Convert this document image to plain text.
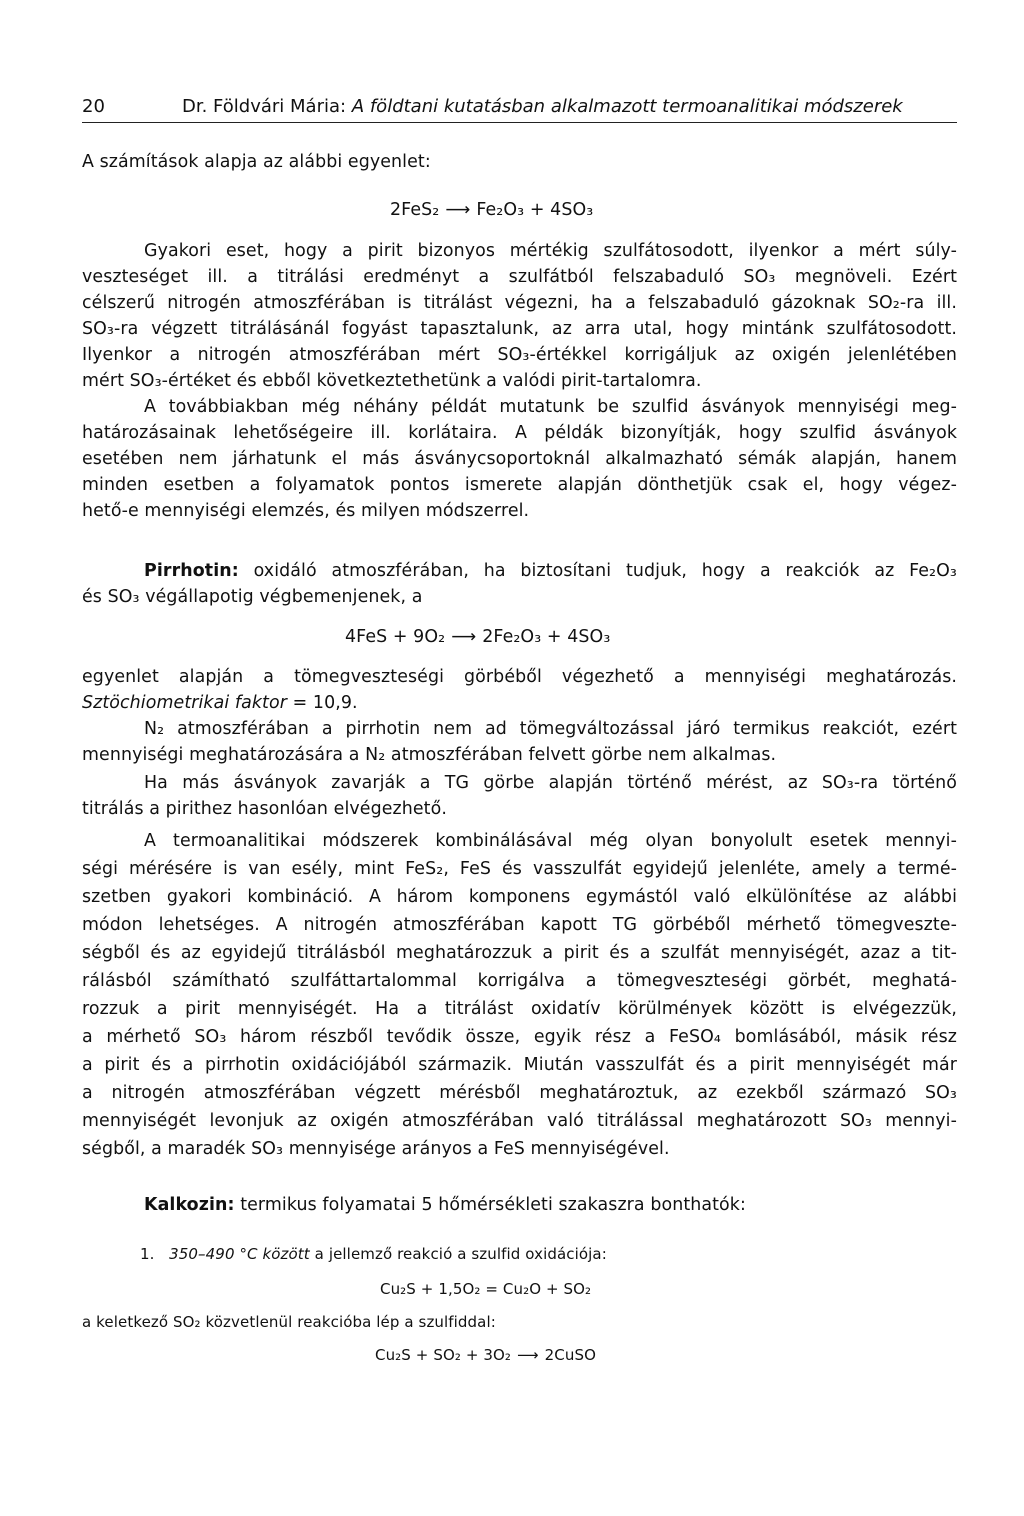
20	Dr. Földvári Mária: A földtani kutatásban alkalmazott termoanalitikai módszerek
A számítások alapja az alábbi egyenlet:
2FeS₂ ⟶ Fe₂O₃ + 4SO₃
Gyakori eset, hogy a pirit bizonyos mértékig szulfátosodott, ilyenkor a mért súly-
veszteséget ill. a titrálási eredményt a szulfátból felszabaduló SO₃ megnöveli. Ezért
célszerű nitrogén atmoszférában is titrálást végezni, ha a felszabaduló gázoknak SO₂-ra ill.
SO₃-ra végzett titrálásánál fogyást tapasztalunk, az arra utal, hogy mintánk szulfátosodott.
Ilyenkor a nitrogén atmoszférában mért SO₃-értékkel korrigáljuk az oxigén jelenlétében
mért SO₃-értéket és ebből következtethetünk a valódi pirit-tartalomra.
A továbbiakban még néhány példát mutatunk be szulfid ásványok mennyiségi meg-
határozásainak lehetőségeire ill. korlátaira. A példák bizonyítják, hogy szulfid ásványok
esetében nem járhatunk el más ásványcsoportoknál alkalmazható sémák alapján, hanem
minden esetben a folyamatok pontos ismerete alapján dönthetjük csak el, hogy végez-
hető-e mennyiségi elemzés, és milyen módszerrel.
Pirrhotin: oxidáló atmoszférában, ha biztosítani tudjuk, hogy a reakciók az Fe₂O₃
és SO₃ végállapotig végbemenjenek, a
4FeS + 9O₂ ⟶ 2Fe₂O₃ + 4SO₃
egyenlet alapján a tömegveszteségi görbéből végezhető a mennyiségi meghatározás.
Sztöchiometrikai faktor = 10,9.
N₂ atmoszférában a pirrhotin nem ad tömegváltozással járó termikus reakciót, ezért
mennyiségi meghatározására a N₂ atmoszférában felvett görbe nem alkalmas.
Ha más ásványok zavarják a TG görbe alapján történő mérést, az SO₃-ra történő
titrálás a pirithez hasonlóan elvégezhető.
A termoanalitikai módszerek kombinálásával még olyan bonyolult esetek mennyi-
ségi mérésére is van esély, mint FeS₂, FeS és vasszulfát egyidejű jelenléte, amely a termé-
szetben gyakori kombináció. A három komponens egymástól való elkülönítése az alábbi
módon lehetséges. A nitrogén atmoszférában kapott TG görbéből mérhető tömegveszte-
ségből és az egyidejű titrálásból meghatározzuk a pirit és a szulfát mennyiségét, azaz a tit-
rálásból számítható szulfáttartalommal korrigálva a tömegveszteségi görbét, meghatá-
rozzuk a pirit mennyiségét. Ha a titrálást oxidatív körülmények között is elvégezzük,
a mérhető SO₃ három részből tevődik össze, egyik rész a FeSO₄ bomlásából, másik rész
a pirit és a pirrhotin oxidációjából származik. Miután vasszulfát és a pirit mennyiségét már
a nitrogén atmoszférában végzett mérésből meghatároztuk, az ezekből származó SO₃
mennyiségét levonjuk az oxigén atmoszférában való titrálással meghatározott SO₃ mennyi-
ségből, a maradék SO₃ mennyisége arányos a FeS mennyiségével.
Kalkozin: termikus folyamatai 5 hőmérsékleti szakaszra bonthatók:
1. 350–490 °C között a jellemző reakció a szulfid oxidációja:
Cu₂S + 1,5O₂ = Cu₂O + SO₂
a keletkező SO₂ közvetlenül reakcióba lép a szulfiddal:
Cu₂S + SO₂ + 3O₂ ⟶ 2CuSO
